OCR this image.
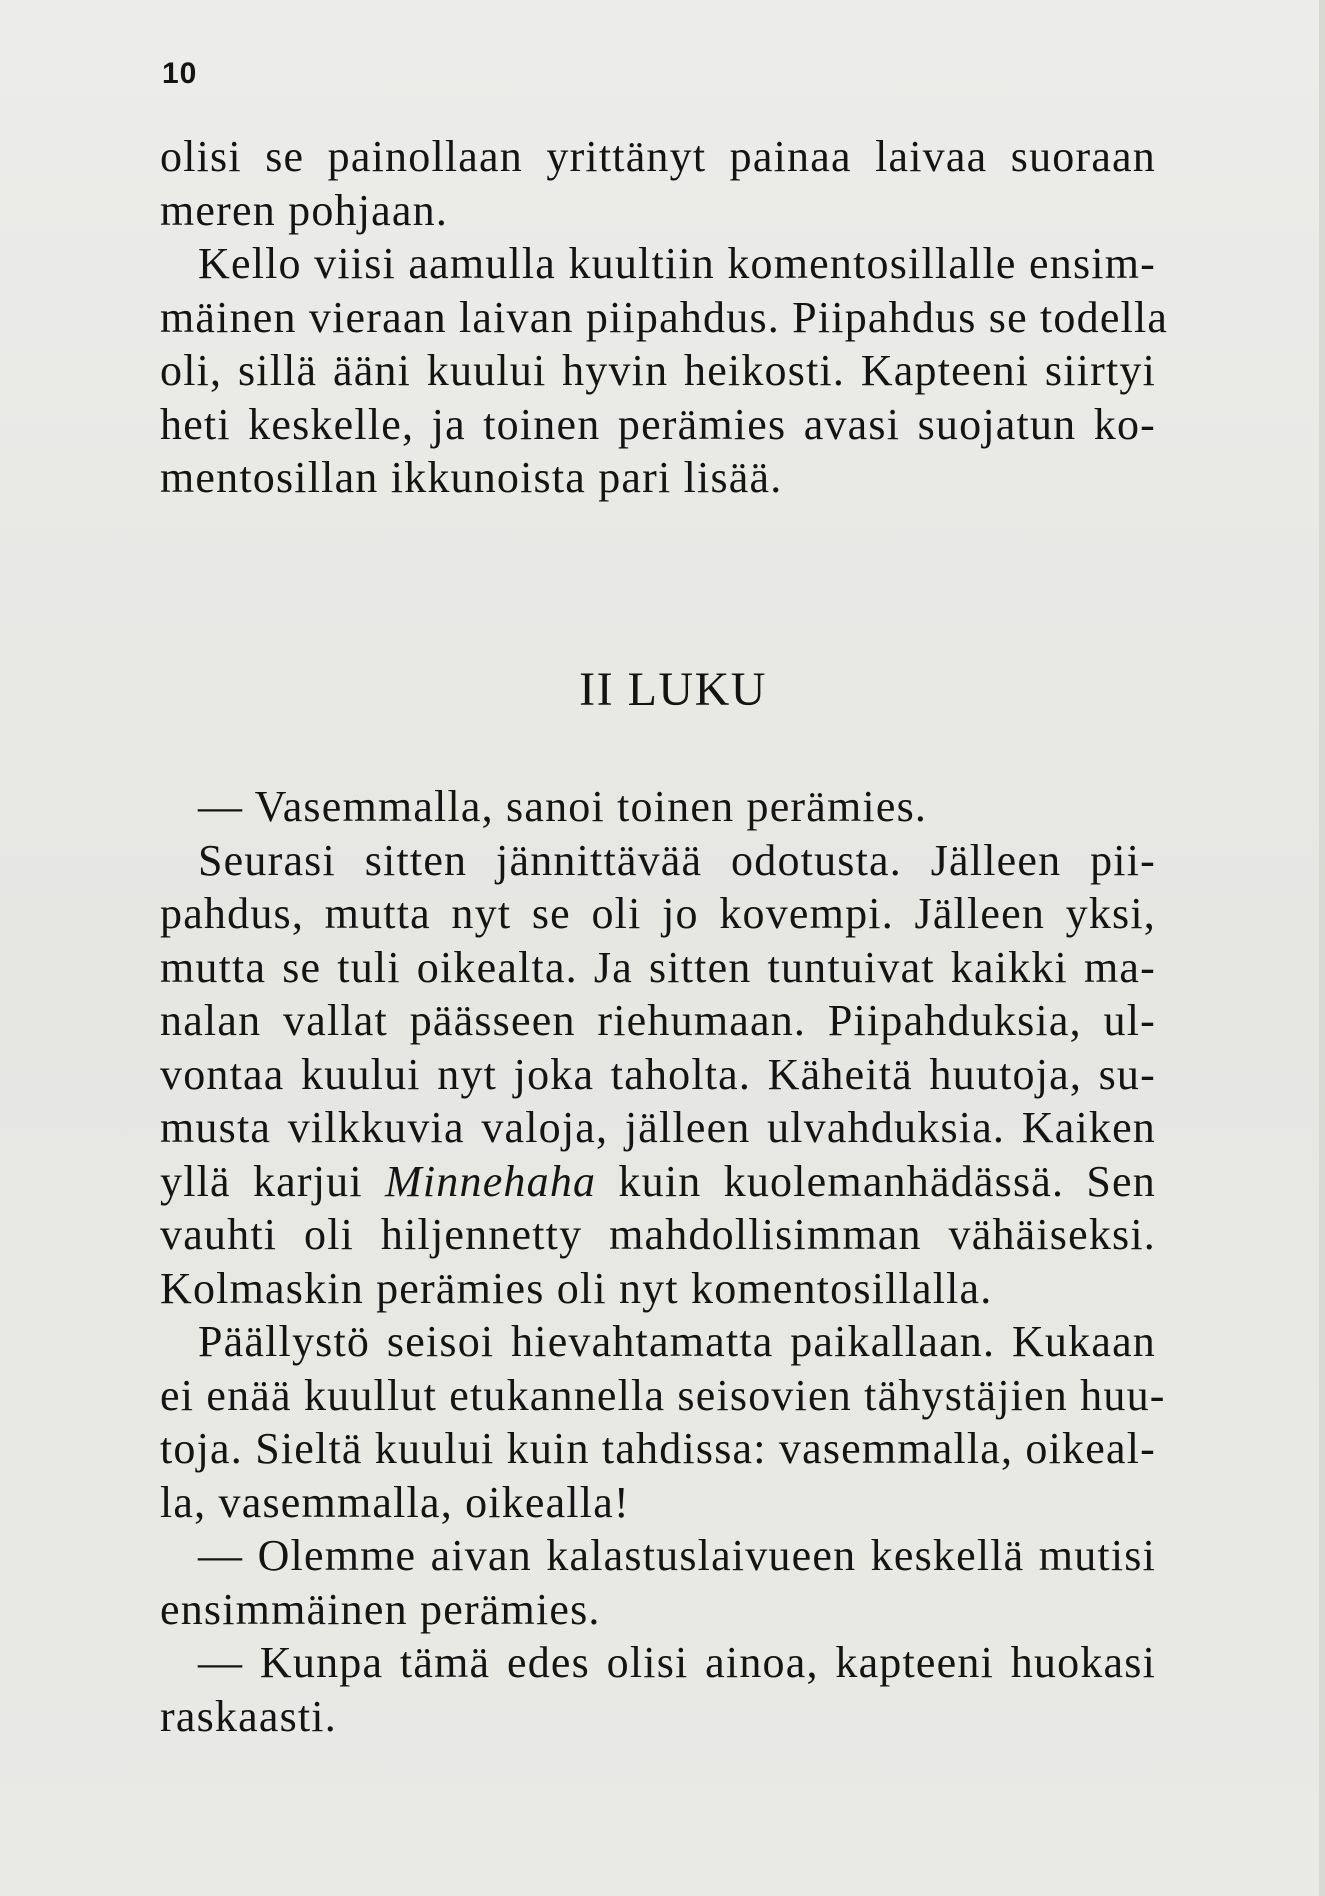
10
olisi se painollaan yrittänyt painaa laivaa suoraan
meren pohjaan.
Kello viisi aamulla kuultiin komentosillalle ensim-
mäinen vieraan laivan piipahdus. Piipahdus se todella
oli, sillä ääni kuului hyvin heikosti. Kapteeni siirtyi
heti keskelle, ja toinen perämies avasi suojatun ko-
mentosillan ikkunoista pari lisää.
II LUKU
— Vasemmalla, sanoi toinen perämies.
Seurasi sitten jännittävää odotusta. Jälleen pii-
pahdus, mutta nyt se oli jo kovempi. Jälleen yksi,
mutta se tuli oikealta. Ja sitten tuntuivat kaikki ma-
nalan vallat päässeen riehumaan. Piipahduksia, ul-
vontaa kuului nyt joka taholta. Käheitä huutoja, su-
musta vilkkuvia valoja, jälleen ulvahduksia. Kaiken
yllä karjui Minnehaha kuin kuolemanhädässä. Sen
vauhti oli hiljennetty mahdollisimman vähäiseksi.
Kolmaskin perämies oli nyt komentosillalla.
Päällystö seisoi hievahtamatta paikallaan. Kukaan
ei enää kuullut etukannella seisovien tähystäjien huu-
toja. Sieltä kuului kuin tahdissa: vasemmalla, oikeal-
la, vasemmalla, oikealla!
— Olemme aivan kalastuslaivueen keskellä mutisi
ensimmäinen perämies.
— Kunpa tämä edes olisi ainoa, kapteeni huokasi
raskaasti.
